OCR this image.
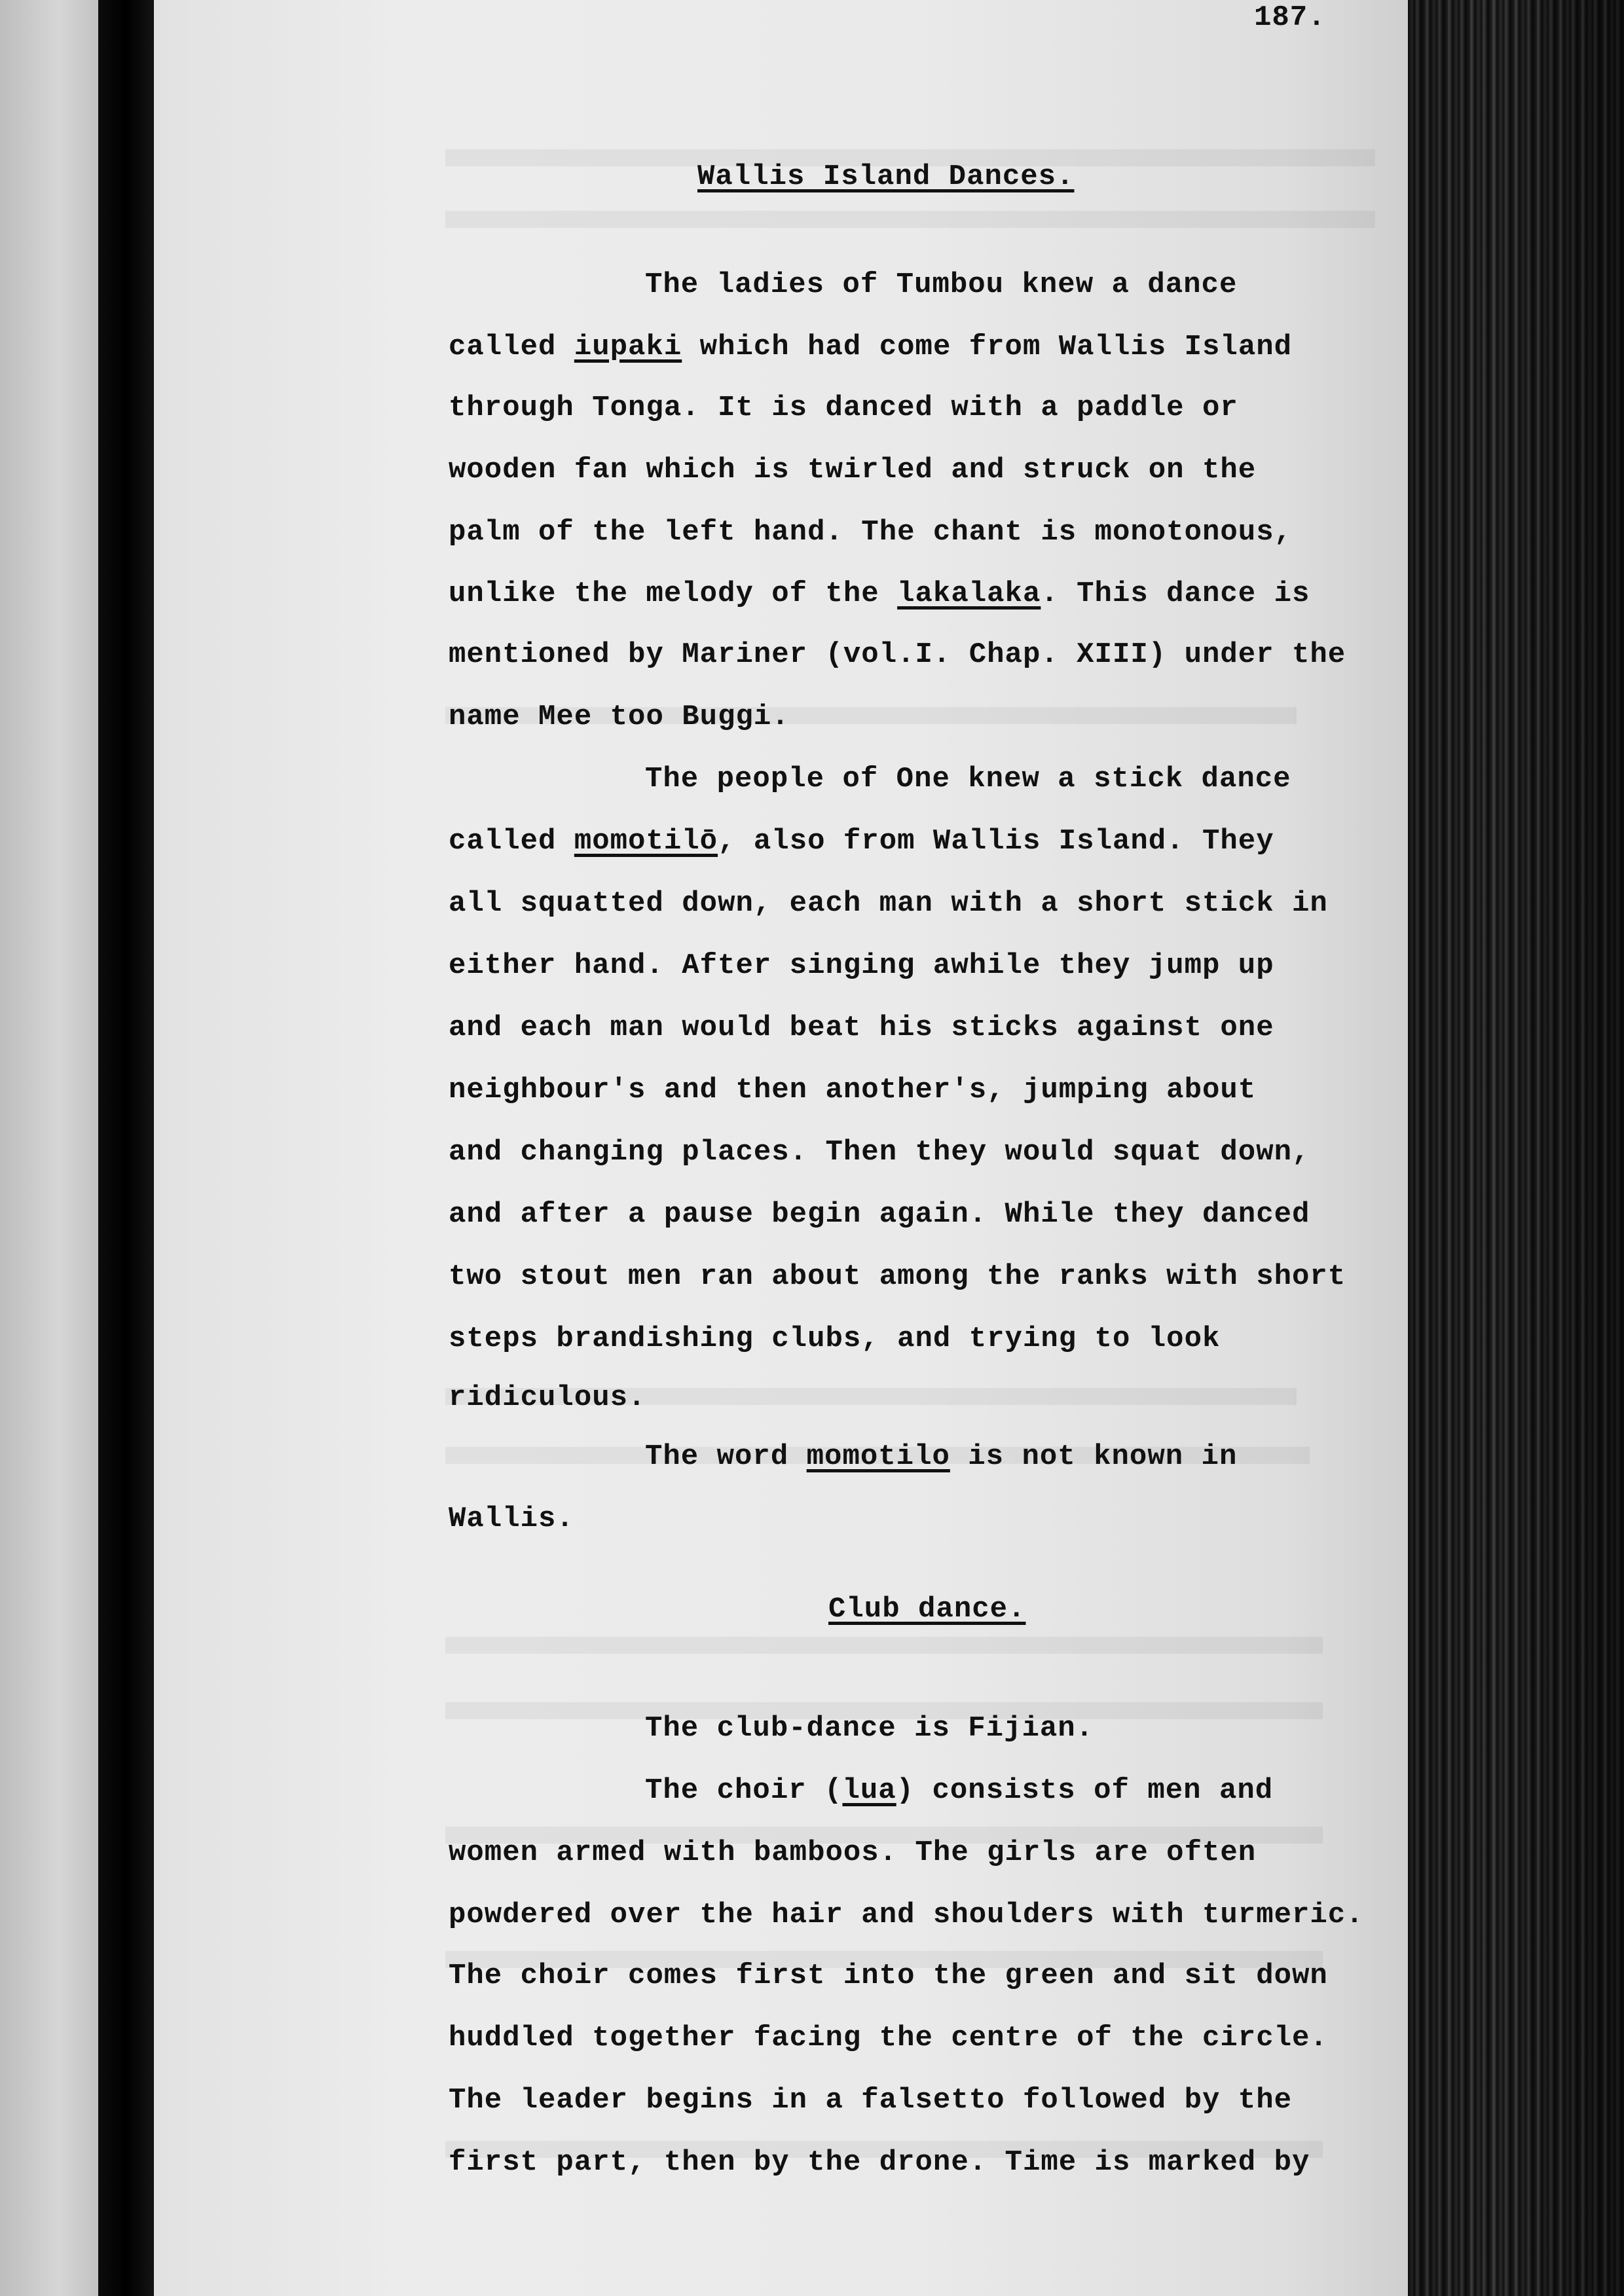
187.
Wallis Island Dances.
The ladies of Tumbou knew a dance
called iupaki which had come from Wallis Island
through Tonga. It is danced with a paddle or
wooden fan which is twirled and struck on the
palm of the left hand. The chant is monotonous,
unlike the melody of the lakalaka. This dance is
mentioned by Mariner (vol.I. Chap. XIII) under the
name Mee too Buggi.
The people of One knew a stick dance
called momotilō, also from Wallis Island. They
all squatted down, each man with a short stick in
either hand. After singing awhile they jump up
and each man would beat his sticks against one
neighbour's and then another's, jumping about
and changing places. Then they would squat down,
and after a pause begin again. While they danced
two stout men ran about among the ranks with short
steps brandishing clubs, and trying to look
ridiculous.
The word momotilo is not known in
Wallis.
Club dance.
The club-dance is Fijian.
The choir (lua) consists of men and
women armed with bamboos. The girls are often
powdered over the hair and shoulders with turmeric.
The choir comes first into the green and sit down
huddled together facing the centre of the circle.
The leader begins in a falsetto followed by the
first part, then by the drone. Time is marked by
